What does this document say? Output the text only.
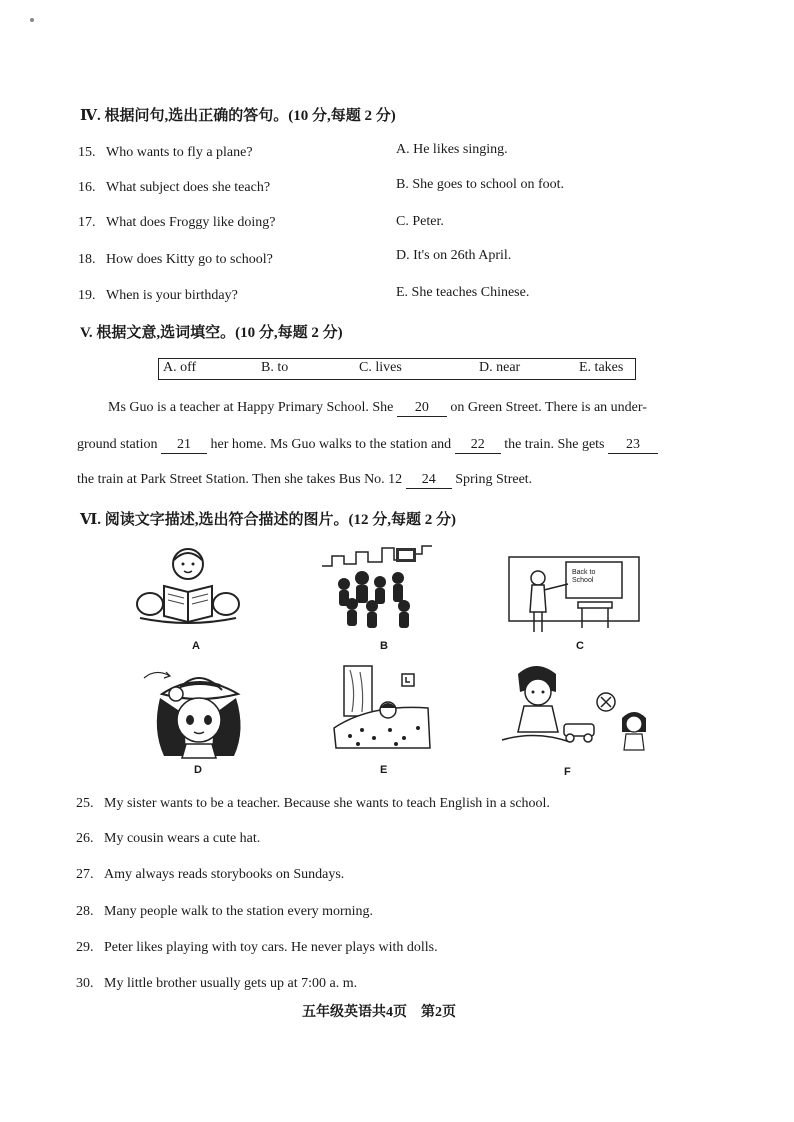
Ⅳ. 根据问句,选出正确的答句。(10 分,每题 2 分)
15. Who wants to fly a plane?
16. What subject does she teach?
17. What does Froggy like doing?
18. How does Kitty go to school?
19. When is your birthday?
A. He likes singing.
B. She goes to school on foot.
C. Peter.
D. It's on 26th April.
E. She teaches Chinese.
V. 根据文意,选词填空。(10 分,每题 2 分)
A. off	B. to	C. lives	D. near	E. takes
Ms Guo is a teacher at Happy Primary School. She 20 on Green Street. There is an under-
ground station 21 her home. Ms Guo walks to the station and 22 the train. She gets 23
the train at Park Street Station. Then she takes Bus No. 12 24 Spring Street.
Ⅵ. 阅读文字描述,选出符合描述的图片。(12 分,每题 2 分)
A	B
Back to School
C
D	E	F
25. My sister wants to be a teacher. Because she wants to teach English in a school.
26. My cousin wears a cute hat.
27. Amy always reads storybooks on Sundays.
28. Many people walk to the station every morning.
29. Peter likes playing with toy cars. He never plays with dolls.
30. My little brother usually gets up at 7:00 a. m.
五年级英语共4页　第2页
